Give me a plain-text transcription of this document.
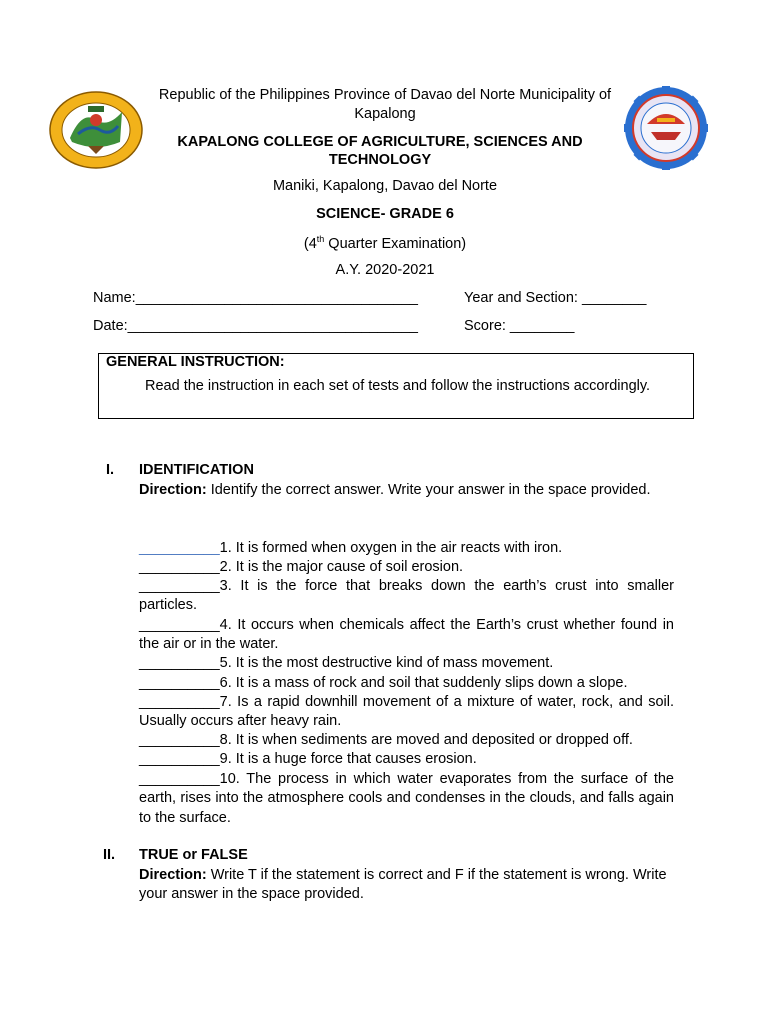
Republic of the Philippines Province of Davao del Norte Municipality of Kapalong
KAPALONG COLLEGE OF AGRICULTURE, SCIENCES AND TECHNOLOGY
Maniki, Kapalong, Davao del Norte
SCIENCE- GRADE 6
(4th Quarter Examination)
A.Y. 2020-2021
Name:___________________________________	Year and Section: ________
Date:____________________________________	Score: ________
GENERAL INSTRUCTION:
Read the instruction in each set of tests and follow the instructions accordingly.
I. IDENTIFICATION
Direction: Identify the correct answer. Write your answer in the space provided.
__________1. It is formed when oxygen in the air reacts with iron.
__________2. It is the major cause of soil erosion.
__________3. It is the force that breaks down the earth’s crust into smaller particles.
__________4. It occurs when chemicals affect the Earth’s crust whether found in the air or in the water.
__________5. It is the most destructive kind of mass movement.
__________6. It is a mass of rock and soil that suddenly slips down a slope.
__________7. Is a rapid downhill movement of a mixture of water, rock, and soil. Usually occurs after heavy rain.
__________8. It is when sediments are moved and deposited or dropped off.
__________9. It is a huge force that causes erosion.
__________10. The process in which water evaporates from the surface of the earth, rises into the atmosphere cools and condenses in the clouds, and falls again to the surface.
II. TRUE or FALSE
Direction: Write T if the statement is correct and F if the statement is wrong. Write your answer in the space provided.
